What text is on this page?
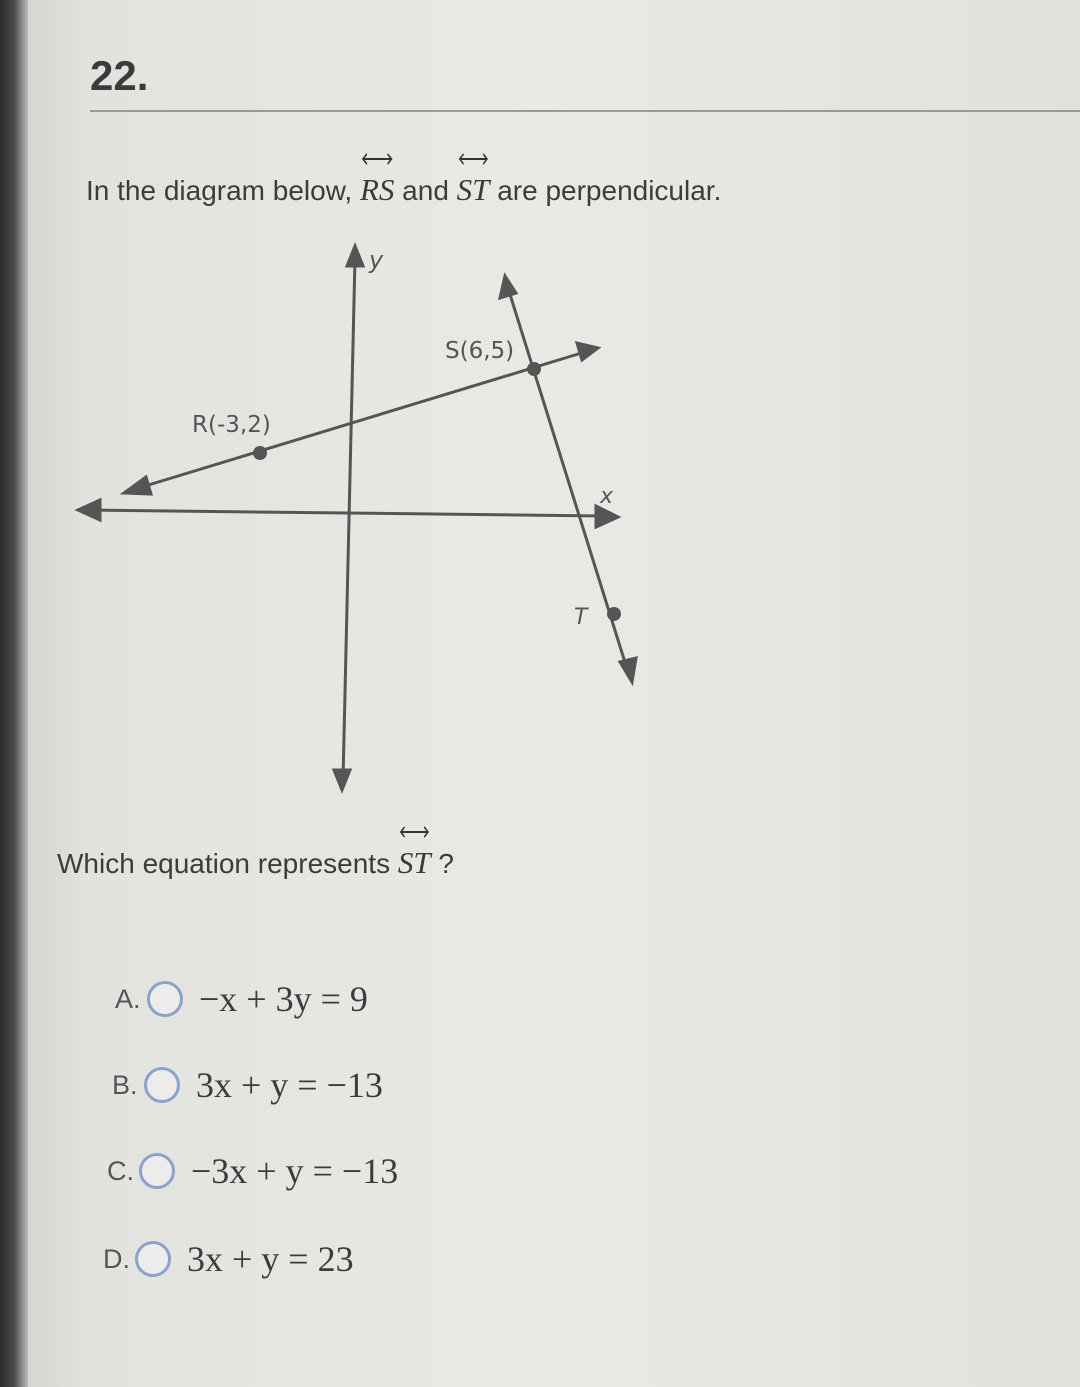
22.
In the diagram below, RS and ST are perpendicular.
y
x
R(-3,2)
S(6,5)
T
Which equation represents ST ?
A.	−x + 3y = 9
B.	3x + y = −13
C.	−3x + y = −13
D.	3x + y = 23
